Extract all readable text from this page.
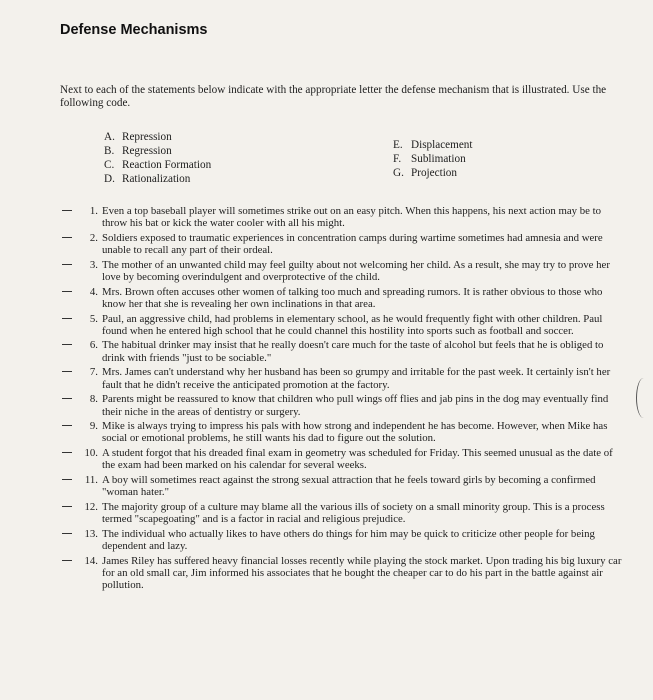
Defense Mechanisms
Next to each of the statements below indicate with the appropriate letter the defense mechanism that is illustrated. Use the following code.
A. Repression
B. Regression
C. Reaction Formation
D. Rationalization
E. Displacement
F. Sublimation
G. Projection
1. Even a top baseball player will sometimes strike out on an easy pitch. When this happens, his next action may be to throw his bat or kick the water cooler with all his might.
2. Soldiers exposed to traumatic experiences in concentration camps during wartime sometimes had amnesia and were unable to recall any part of their ordeal.
3. The mother of an unwanted child may feel guilty about not welcoming her child. As a result, she may try to prove her love by becoming overindulgent and overprotective of the child.
4. Mrs. Brown often accuses other women of talking too much and spreading rumors. It is rather obvious to those who know her that she is revealing her own inclinations in that area.
5. Paul, an aggressive child, had problems in elementary school, as he would frequently fight with other children. Paul found when he entered high school that he could channel this hostility into sports such as football and soccer.
6. The habitual drinker may insist that he really doesn't care much for the taste of alcohol but feels that he is obliged to drink with friends "just to be sociable."
7. Mrs. James can't understand why her husband has been so grumpy and irritable for the past week. It certainly isn't her fault that he didn't receive the anticipated promotion at the factory.
8. Parents might be reassured to know that children who pull wings off flies and jab pins in the dog may eventually find their niche in the areas of dentistry or surgery.
9. Mike is always trying to impress his pals with how strong and independent he has become. However, when Mike has social or emotional problems, he still wants his dad to figure out the solution.
10. A student forgot that his dreaded final exam in geometry was scheduled for Friday. This seemed unusual as the date of the exam had been marked on his calendar for several weeks.
11. A boy will sometimes react against the strong sexual attraction that he feels toward girls by becoming a confirmed "woman hater."
12. The majority group of a culture may blame all the various ills of society on a small minority group. This is a process termed "scapegoating" and is a factor in racial and religious prejudice.
13. The individual who actually likes to have others do things for him may be quick to criticize other people for being dependent and lazy.
14. James Riley has suffered heavy financial losses recently while playing the stock market. Upon trading his big luxury car for an old small car, Jim informed his associates that he bought the cheaper car to do his part in the battle against air pollution.
